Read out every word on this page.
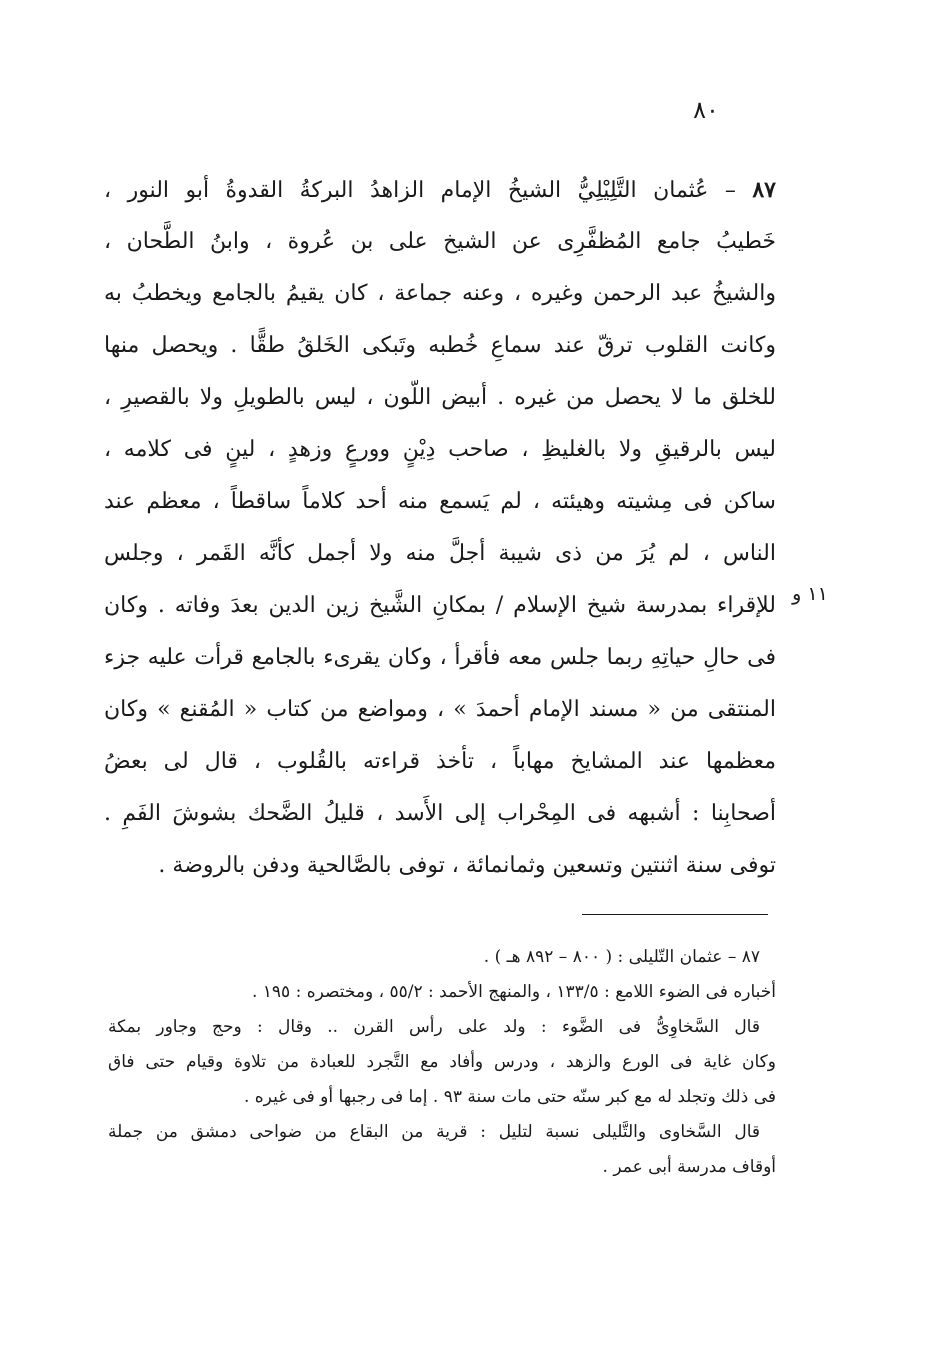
٨٠
٨٧ – عُثمان التَّلِيْلِيُّ الشيخُ الإمام الزاهدُ البركةُ القدوةُ أبو النور ،
خَطيبُ جامع المُظفَّرِى عن الشيخ على بن عُروة ، وابنُ الطَّحان ،
والشيخُ عبد الرحمن وغيره ، وعنه جماعة ، كان يقيمُ بالجامع ويخطبُ به
وكانت القلوب ترقّ عند سماعِ خُطبه وتَبكى الخَلقُ طقًّا . ويحصل منها
للخلق ما لا يحصل من غيره . أبيض اللّون ، ليس بالطويلِ ولا بالقصيرِ ،
ليس بالرقيقِ ولا بالغليظِ ، صاحب دِيْنٍ وورعٍ وزهدٍ ، لينٍ فى كلامه ،
ساكن فى مِشيته وهيئته ، لم يَسمع منه أحد كلاماً ساقطاً ، معظم عند
الناس ، لم يُرَ من ذى شيبة أجلَّ منه ولا أجمل كأنَّه القَمر ، وجلس
للإقراء بمدرسة شيخ الإسلام / بمكانِ الشَّيخ زين الدين بعدَ وفاته . وكان
فى حالِ حياتِهِ ربما جلس معه فأقرأ ، وكان يقرىء بالجامع قرأت عليه جزء
المنتقى من « مسند الإمام أحمدَ » ، ومواضع من كتاب « المُقنع » وكان
معظمها عند المشايخ مهاباً ، تأخذ قراءته بالقُلوب ، قال لى بعضُ
أصحابِنا : أشبهه فى المِحْراب إلى الأَسد ، قليلُ الضَّحك بشوشَ الفَمِ .
توفى سنة اثنتين وتسعين وثمانمائة ، توفى بالصَّالحية ودفن بالروضة .
١١ و
٨٧ – عثمان التّليلى : ( ٨٠٠ – ٨٩٢ هـ ) .
أخباره فى الضوء اللامع : ١٣٣/٥ ، والمنهج الأحمد : ٥٥/٢ ، ومختصره : ١٩٥ .
قال السَّخاوِىُّ فى الضَّوء : ولد على رأس القرن .. وقال : وحج وجاور بمكة
وكان غاية فى الورع والزهد ، ودرس وأفاد مع التَّجرد للعبادة من تلاوة وقيام حتى فاق
فى ذلك وتجلد له مع كبر سنّه حتى مات سنة ٩٣ . إما فى رجبها أو فى غيره .
قال السَّخاوى والتَّليلى نسبة لتليل : قرية من البقاع من ضواحى دمشق من جملة
أوقاف مدرسة أبى عمر .
